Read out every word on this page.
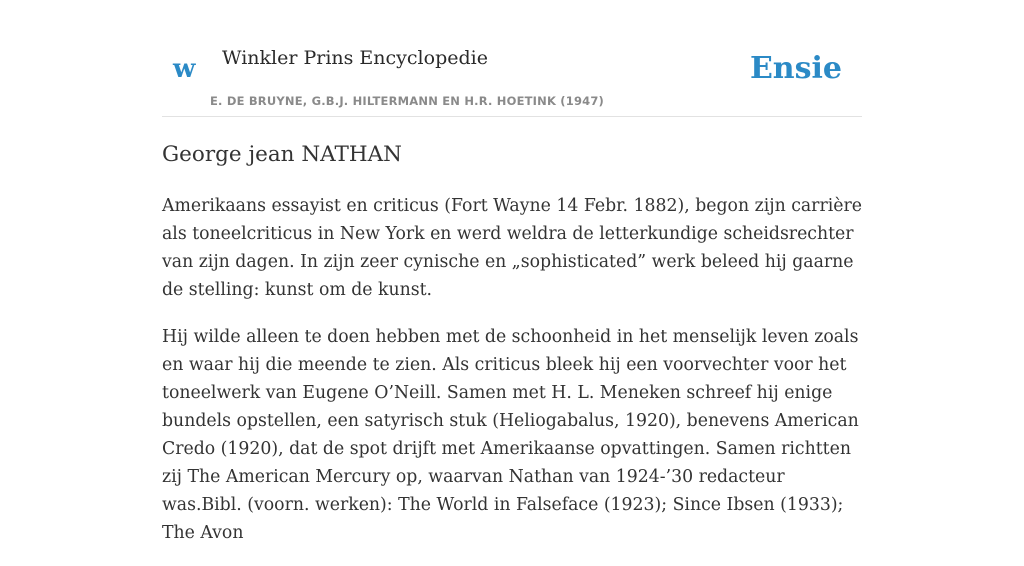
w Winkler Prins Encyclopedie
E. DE BRUYNE, G.B.J. HILTERMANN EN H.R. HOETINK (1947)
Ensie
George jean NATHAN

Amerikaans essayist en criticus (Fort Wayne 14 Febr. 1882), begon zijn carrière als toneelcriticus in New York en werd weldra de letterkundige scheidsrechter van zijn dagen. In zijn zeer cynische en „sophisticated” werk beleed hij gaarne de stelling: kunst om de kunst.

Hij wilde alleen te doen hebben met de schoonheid in het menselijk leven zoals en waar hij die meende te zien. Als criticus bleek hij een voorvechter voor het toneelwerk van Eugene O’Neill. Samen met H. L. Meneken schreef hij enige bundels opstellen, een satyrisch stuk (Heliogabalus, 1920), benevens American Credo (1920), dat de spot drijft met Amerikaanse opvattingen. Samen richtten zij The American Mercury op, waarvan Nathan van 1924-’30 redacteur was.Bibl. (voorn. werken): The World in Falseface (1923); Since Ibsen (1933); The Avon
